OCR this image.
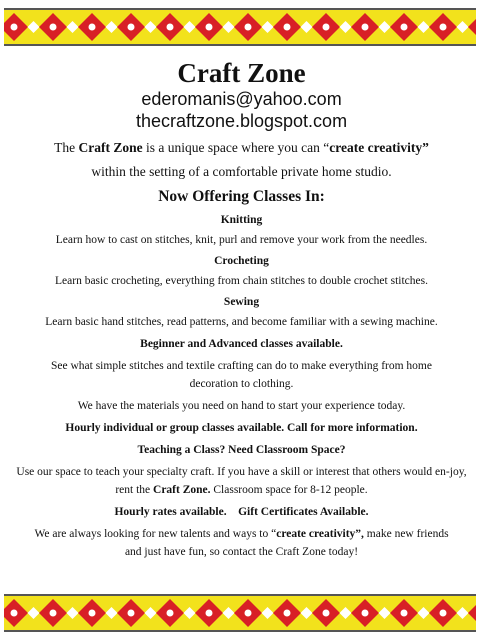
Craft Zone

ederomanis@yahoo.com

thecraftzone.blogspot.com

The Craft Zone is a unique space where you can “create creativity”
within the setting of a comfortable private home studio.

Now Offering Classes In:

Knitting

Learn how to cast on stitches, knit, purl and remove your work from the needles.

Crocheting

Learn basic crocheting, everything from chain stitches to double crochet stitches.

Sewing

Learn basic hand stitches, read patterns, and become familiar with a sewing machine.

Beginner and Advanced classes available.

See what simple stitches and textile crafting can do to make everything from home decoration to clothing.

We have the materials you need on hand to start your experience today.

Hourly individual or group classes available. Call for more information.

Teaching a Class? Need Classroom Space?

Use our space to teach your specialty craft. If you have a skill or interest that others would en-joy, rent the Craft Zone. Classroom space for 8-12 people.

Hourly rates available. Gift Certificates Available.

We are always looking for new talents and ways to “create creativity”, make new friends and just have fun, so contact the Craft Zone today!
